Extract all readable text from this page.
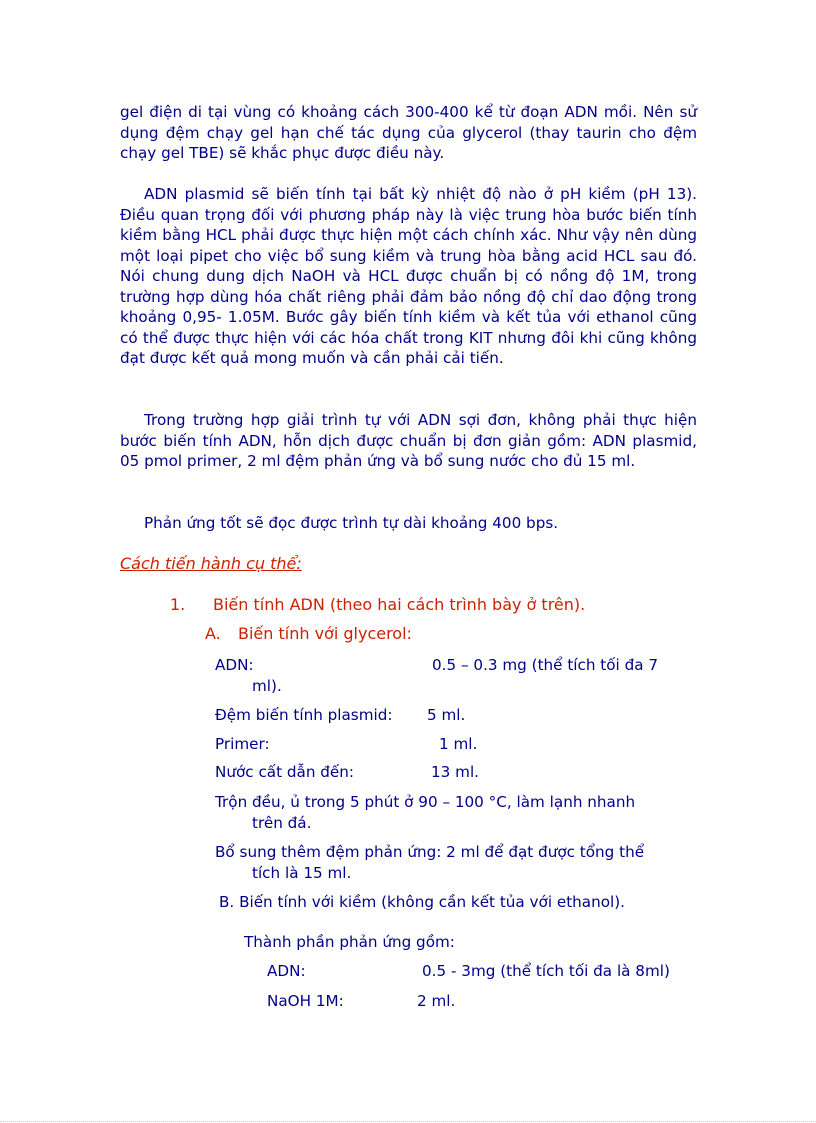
gel điện di tại vùng có khoảng cách 300-400 kể từ đoạn ADN mồi. Nên sử dụng đệm chạy gel hạn chế tác dụng của glycerol (thay taurin cho đệm chạy gel TBE) sẽ khắc phục được điều này.

ADN plasmid sẽ biến tính tại bất kỳ nhiệt độ nào ở pH kiềm (pH 13). Điều quan trọng đối với phương pháp này là việc trung hòa bước biến tính kiềm bằng HCL phải được thực hiện một cách chính xác. Như vậy nên dùng một loại pipet cho việc bổ sung kiềm và trung hòa bằng acid HCL sau đó. Nói chung dung dịch NaOH và HCL được chuẩn bị có nồng độ 1M, trong trường hợp dùng hóa chất riêng phải đảm bảo nồng độ chỉ dao động trong khoảng 0,95- 1.05M. Bước gây biến tính kiềm và kết tủa với ethanol cũng có thể được thực hiện với các hóa chất trong KIT nhưng đôi khi cũng không đạt được kết quả mong muốn và cần phải cải tiến.

Trong trường hợp giải trình tự với ADN sợi đơn, không phải thực hiện bước biến tính ADN, hỗn dịch được chuẩn bị đơn giản gồm: ADN plasmid, 05 pmol primer, 2 ml đệm phản ứng và bổ sung nước cho đủ 15 ml.

Phản ứng tốt sẽ đọc được trình tự dài khoảng 400 bps.

Cách tiến hành cụ thể:

1. Biến tính ADN (theo hai cách trình bày ở trên).
A. Biến tính với glycerol:
ADN:	0.5 – 0.3 mg (thể tích tối đa 7
ml).
Đệm biến tính plasmid: 5 ml.
Primer:	1 ml.
Nước cất dẫn đến:	13 ml.
Trộn đều, ủ trong 5 phút ở 90 – 100 °C, làm lạnh nhanh
trên đá.
Bổ sung thêm đệm phản ứng: 2 ml để đạt được tổng thể
tích là 15 ml.
B. Biến tính với kiềm (không cần kết tủa với ethanol).
Thành phần phản ứng gồm:
ADN:	0.5 - 3mg (thể tích tối đa là 8ml)
NaOH 1M:	2 ml.
